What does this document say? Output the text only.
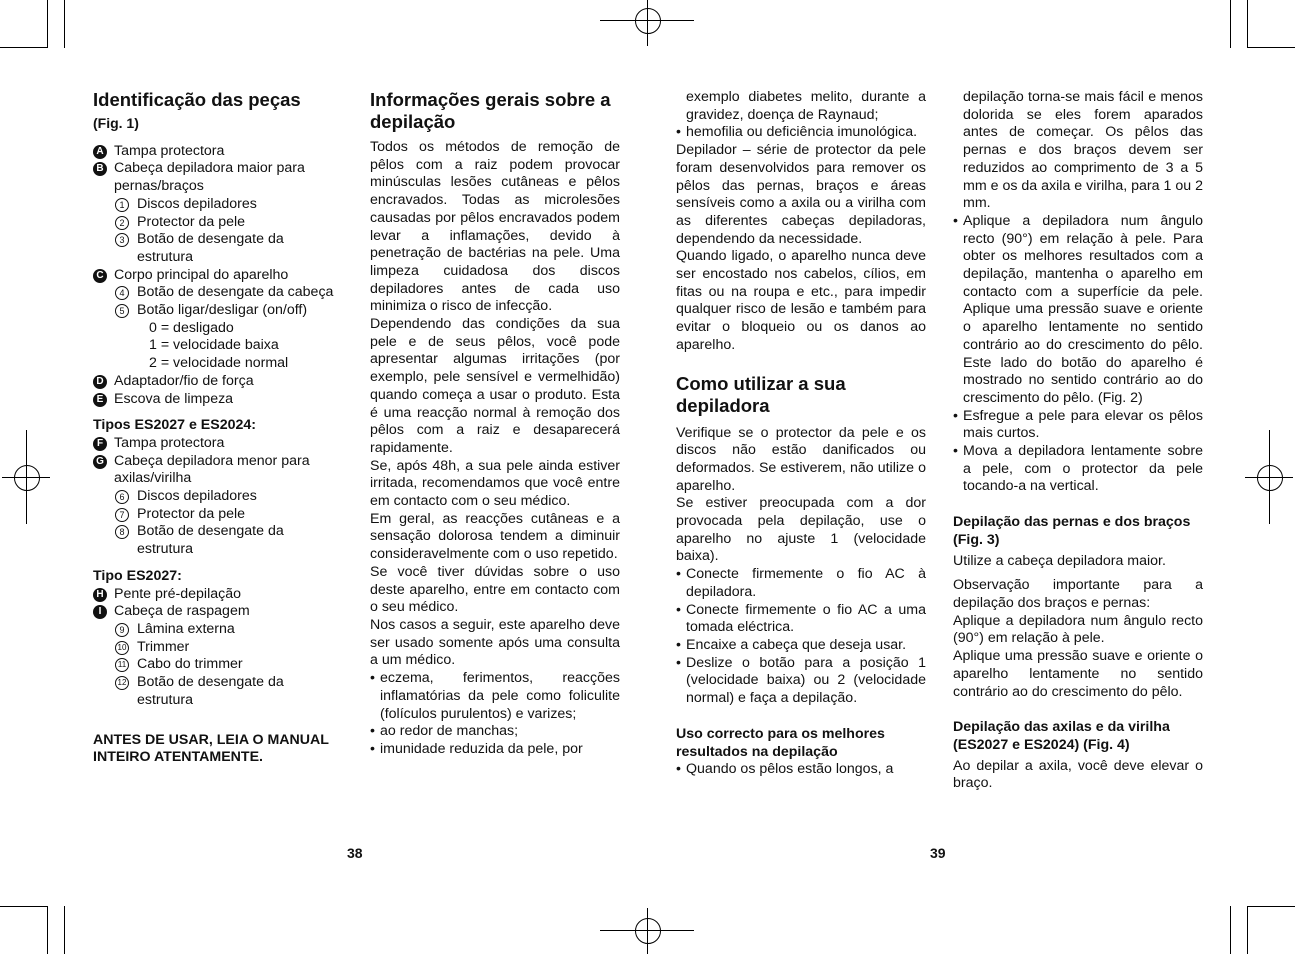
Identificação das peças
(Fig. 1)
A Tampa protectora
B Cabeça depiladora maior para pernas/braços
1 Discos depiladores
2 Protector da pele
3 Botão de desengate da estrutura
C Corpo principal do aparelho
4 Botão de desengate da cabeça
5 Botão ligar/desligar (on/off)
0 = desligado
1 = velocidade baixa
2 = velocidade normal
D Adaptador/fio de força
E Escova de limpeza
Tipos ES2027 e ES2024:
F Tampa protectora
G Cabeça depiladora menor para axilas/virilha
6 Discos depiladores
7 Protector da pele
8 Botão de desengate da estrutura
Tipo ES2027:
H Pente pré-depilação
I Cabeça de raspagem
9 Lâmina externa
10 Trimmer
11 Cabo do trimmer
12 Botão de desengate da estrutura
ANTES DE USAR, LEIA O MANUAL INTEIRO ATENTAMENTE.
Informações gerais sobre a depilação

Todos os métodos de remoção de pêlos com a raiz podem provocar minúsculas lesões cutâneas e pêlos encravados. Todas as microlesões causadas por pêlos encravados podem levar a inflamações, devido à penetração de bactérias na pele. Uma limpeza cuidadosa dos discos depiladores antes de cada uso minimiza o risco de infecção.

Dependendo das condições da sua pele e de seus pêlos, você pode apresentar algumas irritações (por exemplo, pele sensível e vermelhidão) quando começa a usar o produto. Esta é uma reacção normal à remoção dos pêlos com a raiz e desaparecerá rapidamente.

Se, após 48h, a sua pele ainda estiver irritada, recomendamos que você entre em contacto com o seu médico.

Em geral, as reacções cutâneas e a sensação dolorosa tendem a diminuir consideravelmente com o uso repetido.

Se você tiver dúvidas sobre o uso deste aparelho, entre em contacto com o seu médico.

Nos casos a seguir, este aparelho deve ser usado somente após uma consulta a um médico.

• eczema, ferimentos, reacções inflamatórias da pele como foliculite (folículos purulentos) e varizes;
• ao redor de manchas;
• imunidade reduzida da pele, por
exemplo diabetes melito, durante a gravidez, doença de Raynaud;
• hemofilia ou deficiência imunológica.

Depilador – série de protector da pele foram desenvolvidos para remover os pêlos das pernas, braços e áreas sensíveis como a axila ou a virilha com as diferentes cabeças depiladoras, dependendo da necessidade.

Quando ligado, o aparelho nunca deve ser encostado nos cabelos, cílios, em fitas ou na roupa e etc., para impedir qualquer risco de lesão e também para evitar o bloqueio ou os danos ao aparelho.

Como utilizar a sua depiladora

Verifique se o protector da pele e os discos não estão danificados ou deformados. Se estiverem, não utilize o aparelho.

Se estiver preocupada com a dor provocada pela depilação, use o aparelho no ajuste 1 (velocidade baixa).

• Conecte firmemente o fio AC à depiladora.
• Conecte firmemente o fio AC a uma tomada eléctrica.
• Encaixe a cabeça que deseja usar.
• Deslize o botão para a posição 1 (velocidade baixa) ou 2 (velocidade normal) e faça a depilação.
Uso correcto para os melhores resultados na depilação
• Quando os pêlos estão longos, a
depilação torna-se mais fácil e menos dolorida se eles forem aparados antes de começar. Os pêlos das pernas e dos braços devem ser reduzidos ao comprimento de 3 a 5 mm e os da axila e virilha, para 1 ou 2 mm.
• Aplique a depiladora num ângulo recto (90°) em relação à pele. Para obter os melhores resultados com a depilação, mantenha o aparelho em contacto com a superfície da pele. Aplique uma pressão suave e oriente o aparelho lentamente no sentido contrário ao do crescimento do pêlo. Este lado do botão do aparelho é mostrado no sentido contrário ao do crescimento do pêlo. (Fig. 2)
• Esfregue a pele para elevar os pêlos mais curtos.
• Mova a depiladora lentamente sobre a pele, com o protector da pele tocando-a na vertical.
Depilação das pernas e dos braços (Fig. 3)

Utilize a cabeça depiladora maior.

Observação importante para a depilação dos braços e pernas:

Aplique a depiladora num ângulo recto (90°) em relação à pele.

Aplique uma pressão suave e oriente o aparelho lentamente no sentido contrário ao do crescimento do pêlo.

Depilação das axilas e da virilha (ES2027 e ES2024) (Fig. 4)

Ao depilar a axila, você deve elevar o braço.

38	39
